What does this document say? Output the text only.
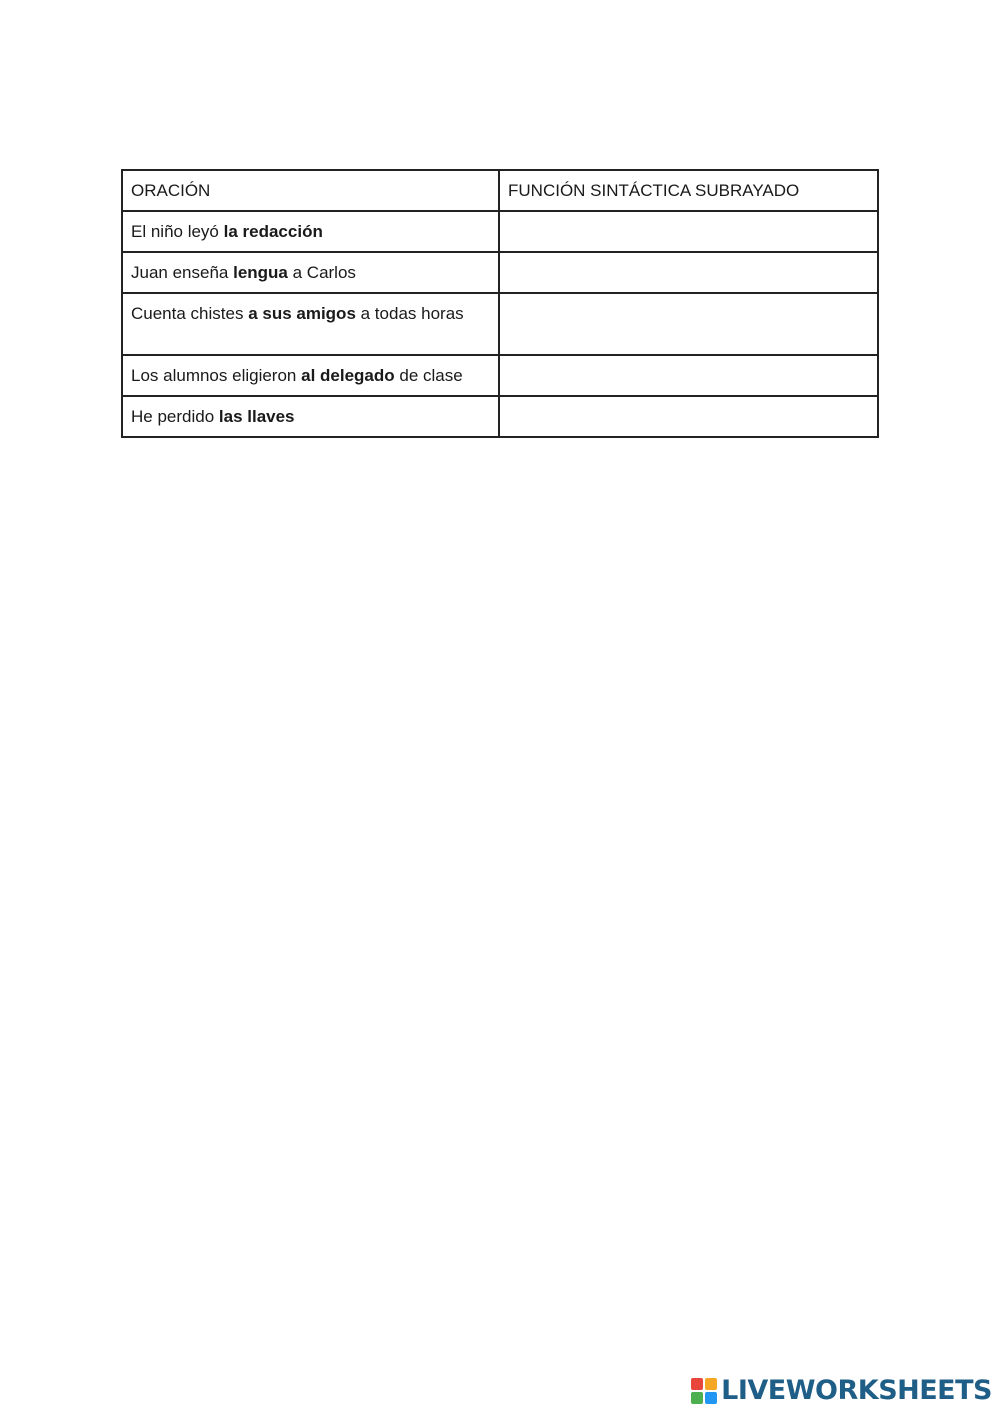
ORACIÓN	FUNCIÓN SINTÁCTICA SUBRAYADO
El niño leyó la redacción	
Juan enseña lengua a Carlos	
Cuenta chistes a sus amigos a todas horas	
Los alumnos eligieron al delegado de clase	
He perdido las llaves	
LIVEWORKSHEETS
